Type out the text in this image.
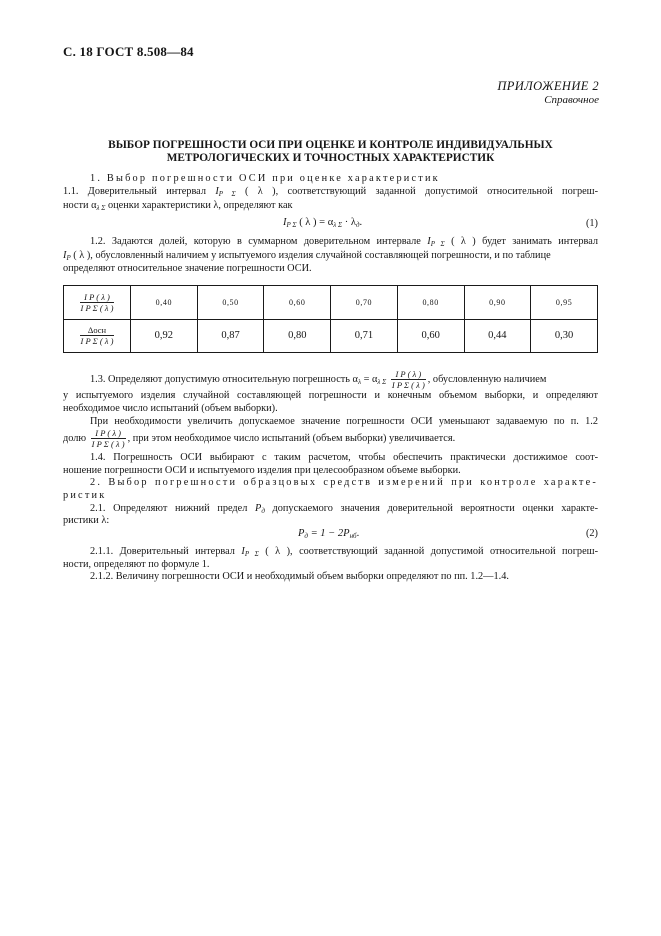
С. 18 ГОСТ 8.508—84
ПРИЛОЖЕНИЕ 2
Справочное
ВЫБОР ПОГРЕШНОСТИ ОСИ ПРИ ОЦЕНКЕ И КОНТРОЛЕ ИНДИВИДУАЛЬНЫХ
МЕТРОЛОГИЧЕСКИХ И ТОЧНОСТНЫХ ХАРАКТЕРИСТИК
1. Выбор погрешности ОСИ при оценке характеристик
1.1. Доверительный интервал $I_{P \Sigma}$ ( λ ), соответствующий заданной допустимой относительной погреш-
ности $\alpha_{\lambda \Sigma}$ оценки характеристики λ, определяют как
$I_{P \Sigma}$ ( λ ) = $\alpha_{\lambda \Sigma} \cdot \lambda_д$.	(1)
1.2. Задаются долей, которую в суммарном доверительном интервале $I_{P \Sigma}$ ( λ ) будет занимать интервал
$I_P$ ( λ ), обусловленный наличием у испытуемого изделия случайной составляющей погрешности, и по таблице
определяют относительное значение погрешности ОСИ.
$\frac{\text{I P ( λ )}}{\text{I P Σ ( λ )}}$	0,40	0,50	0,60	0,70	0,80	0,90	0,95

$\frac{\text{Δосн}}{\text{I P Σ ( λ )}}$	0,92	0,87	0,80	0,71	0,60	0,44	0,30
1.3. Определяют допустимую относительную погрешность $\alpha_\lambda = \alpha_{\lambda \Sigma} \frac{\text{I P ( λ )}}{\text{I P Σ ( λ )}}$ , обусловленную наличием
у испытуемого изделия случайной составляющей погрешности и конечным объемом выборки, и определяют
необходимое число испытаний (объем выборки).
При необходимости увеличить допускаемое значение погрешности ОСИ уменьшают задаваемую по п. 1.2
долю $\frac{\text{I P ( λ )}}{\text{I P Σ ( λ )}}$ , при этом необходимое число испытаний (объем выборки) увеличивается.
1.4. Погрешность ОСИ выбирают с таким расчетом, чтобы обеспечить практически достижимое соот-
ношение погрешности ОСИ и испытуемого изделия при целесообразном объеме выборки.
2. Выбор погрешности образцовых средств измерений при контроле характе-
ристик
2.1. Определяют нижний предел $P_д$ допускаемого значения доверительной вероятности оценки характе-
ристики λ:
$P_д = 1 - 2P_{нб}$.	(2)
2.1.1. Доверительный интервал $I_{P \Sigma}$ ( λ ), соответствующий заданной допустимой относительной погреш-
ности, определяют по формуле 1.
2.1.2. Величину погрешности ОСИ и необходимый объем выборки определяют по пп. 1.2—1.4.
